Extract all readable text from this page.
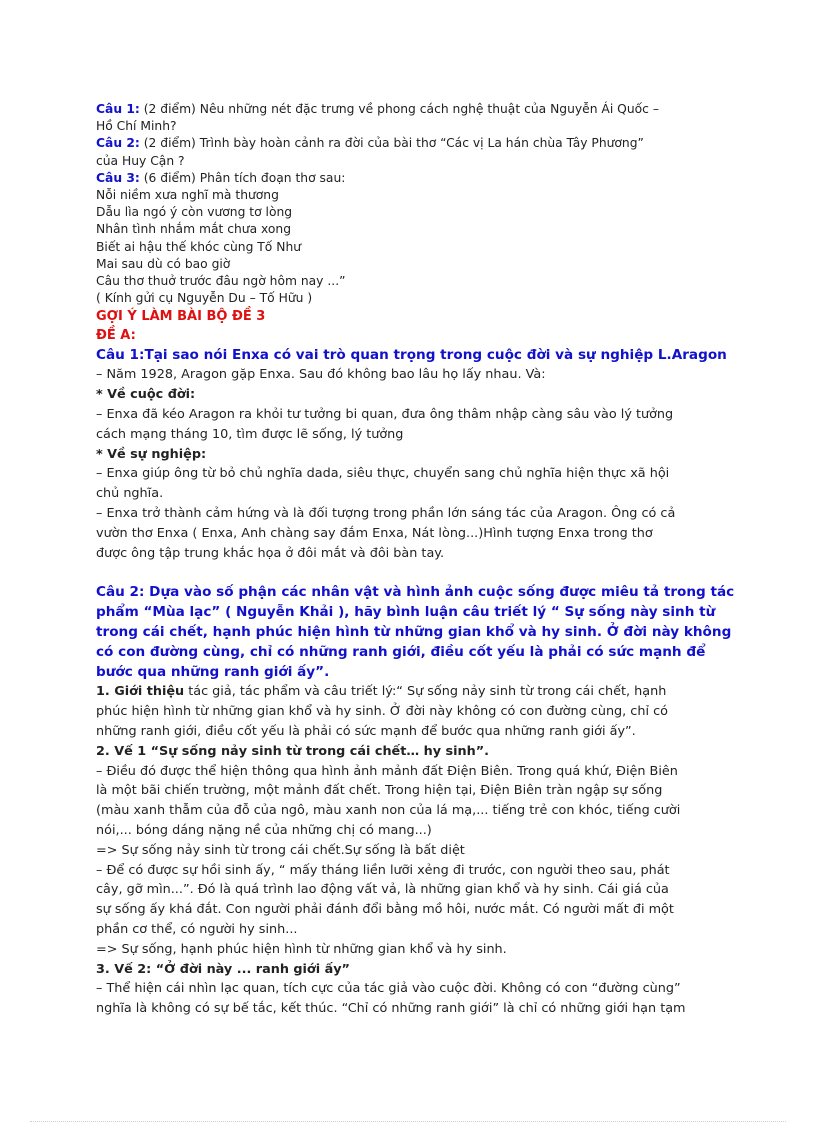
Câu 1: (2 điểm) Nêu những nét đặc trưng về phong cách nghệ thuật của Nguyễn Ái Quốc –

Hồ Chí Minh?

Câu 2: (2 điểm) Trình bày hoàn cảnh ra đời của bài thơ “Các vị La hán chùa Tây Phương”

của Huy Cận ?

Câu 3: (6 điểm) Phân tích đoạn thơ sau:

Nỗi niềm xưa nghĩ mà thương

Dẫu lìa ngó ý còn vương tơ lòng

Nhân tình nhắm mắt chưa xong

Biết ai hậu thế khóc cùng Tố Như

Mai sau dù có bao giờ

Câu thơ thuở trước đâu ngờ hôm nay ...”

( Kính gửi cụ Nguyễn Du – Tố Hữu )

GỢI Ý LÀM BÀI BỘ ĐỀ 3

ĐỀ A:

Câu 1:Tại sao nói Enxa có vai trò quan trọng trong cuộc đời và sự nghiệp L.Aragon

– Năm 1928, Aragon gặp Enxa. Sau đó không bao lâu họ lấy nhau. Và:

* Về cuộc đời:

– Enxa đã kéo Aragon ra khỏi tư tưởng bi quan, đưa ông thâm nhập càng sâu vào lý tưởng

cách mạng tháng 10, tìm được lẽ sống, lý tưởng

* Về sự nghiệp:

– Enxa giúp ông từ bỏ chủ nghĩa dada, siêu thực, chuyển sang chủ nghĩa hiện thực xã hội

chủ nghĩa.

– Enxa trở thành cảm hứng và là đối tượng trong phần lớn sáng tác của Aragon. Ông có cả

vườn thơ Enxa ( Enxa, Anh chàng say đắm Enxa, Nát lòng...)Hình tượng Enxa trong thơ

được ông tập trung khắc họa ở đôi mắt và đôi bàn tay.

Câu 2: Dựa vào số phận các nhân vật và hình ảnh cuộc sống được miêu tả trong tác

phẩm “Mùa lạc” ( Nguyễn Khải ), hãy bình luận câu triết lý “ Sự sống này sinh từ

trong cái chết, hạnh phúc hiện hình từ những gian khổ và hy sinh. Ở đời này không

có con đường cùng, chỉ có những ranh giới, điều cốt yếu là phải có sức mạnh để

bước qua những ranh giới ấy”.

1. Giới thiệu tác giả, tác phẩm và câu triết lý:“ Sự sống nảy sinh từ trong cái chết, hạnh

phúc hiện hình từ những gian khổ và hy sinh. Ở đời này không có con đường cùng, chỉ có

những ranh giới, điều cốt yếu là phải có sức mạnh để bước qua những ranh giới ấy”.

2. Vế 1 “Sự sống nảy sinh từ trong cái chết… hy sinh”.

– Điều đó được thể hiện thông qua hình ảnh mảnh đất Điện Biên. Trong quá khứ, Điện Biên

là một bãi chiến trường, một mảnh đất chết. Trong hiện tại, Điện Biên tràn ngập sự sống

(màu xanh thẫm của đỗ của ngô, màu xanh non của lá mạ,... tiếng trẻ con khóc, tiếng cười

nói,... bóng dáng nặng nề của những chị có mang...)

=> Sự sống nảy sinh từ trong cái chết.Sự sống là bất diệt

– Để có được sự hồi sinh ấy, “ mấy tháng liền lưỡi xẻng đi trước, con người theo sau, phát

cây, gỡ mìn...”. Đó là quá trình lao động vất vả, là những gian khổ và hy sinh. Cái giá của

sự sống ấy khá đắt. Con người phải đánh đổi bằng mồ hôi, nước mắt. Có người mất đi một

phần cơ thể, có người hy sinh...

=> Sự sống, hạnh phúc hiện hình từ những gian khổ và hy sinh.

3. Vế 2: “Ở đời này ... ranh giới ấy”

– Thể hiện cái nhìn lạc quan, tích cực của tác giả vào cuộc đời. Không có con “đường cùng”

nghĩa là không có sự bế tắc, kết thúc. “Chỉ có những ranh giới” là chỉ có những giới hạn tạm
